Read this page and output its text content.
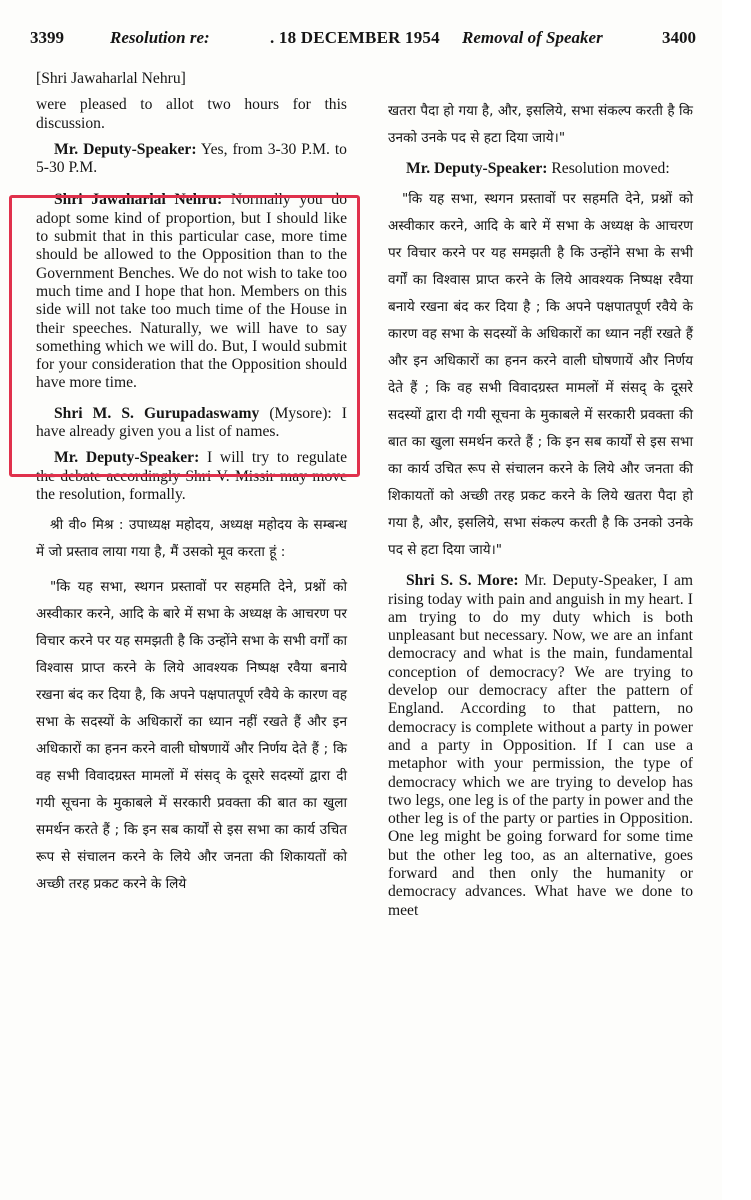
3399	Resolution re:	. 18 DECEMBER 1954 Removal of Speaker	3400

[Shri Jawaharlal Nehru]

were pleased to allot two hours for this discussion.

Mr. Deputy-Speaker: Yes, from 3-30 P.M. to 5-30 P.M.

Shri Jawaharlal Nehru: Normally you do adopt some kind of proportion, but I should like to submit that in this particular case, more time should be allowed to the Opposition than to the Government Benches. We do not wish to take too much time and I hope that hon. Members on this side will not take too much time of the House in their speeches. Naturally, we will have to say something which we will do. But, I would submit for your consideration that the Opposition should have more time.

Shri M. S. Gurupadaswamy (Mysore): I have already given you a list of names.

Mr. Deputy-Speaker: I will try to regulate the debate accordingly Shri V. Missir may move the resolution, formally.

श्री वी० मिश्र : उपाध्यक्ष महोदय, अध्यक्ष महोदय के सम्बन्ध में जो प्रस्ताव लाया गया है, मैं उसको मूव करता हूं :

"कि यह सभा, स्थगन प्रस्तावों पर सहमति देने, प्रश्नों को अस्वीकार करने, आदि के बारे में सभा के अध्यक्ष के आचरण पर विचार करने पर यह समझती है कि उन्होंने सभा के सभी वर्गों का विश्वास प्राप्त करने के लिये आवश्यक निष्पक्ष रवैया बनाये रखना बंद कर दिया है, कि अपने पक्षपातपूर्ण रवैये के कारण वह सभा के सदस्यों के अधिकारों का ध्यान नहीं रखते हैं और इन अधिकारों का हनन करने वाली घोषणायें और निर्णय देते हैं ; कि वह सभी विवादग्रस्त मामलों में संसद् के दूसरे सदस्यों द्वारा दी गयी सूचना के मुकाबले में सरकारी प्रवक्ता की बात का खुला समर्थन करते हैं ; कि इन सब कार्यों से इस सभा का कार्य उचित रूप से संचालन करने के लिये और जनता की शिकायतों को अच्छी तरह प्रकट करने के लिये

खतरा पैदा हो गया है, और, इसलिये, सभा संकल्प करती है कि उनको उनके पद से हटा दिया जाये।"

Mr. Deputy-Speaker: Resolution moved:

"कि यह सभा, स्थगन प्रस्तावों पर सहमति देने, प्रश्नों को अस्वीकार करने, आदि के बारे में सभा के अध्यक्ष के आचरण पर विचार करने पर यह समझती है कि उन्होंने सभा के सभी वर्गों का विश्वास प्राप्त करने के लिये आवश्यक निष्पक्ष रवैया बनाये रखना बंद कर दिया है ; कि अपने पक्षपातपूर्ण रवैये के कारण वह सभा के सदस्यों के अधिकारों का ध्यान नहीं रखते हैं और इन अधिकारों का हनन करने वाली घोषणायें और निर्णय देते हैं ; कि वह सभी विवादग्रस्त मामलों में संसद् के दूसरे सदस्यों द्वारा दी गयी सूचना के मुकाबले में सरकारी प्रवक्ता की बात का खुला समर्थन करते हैं ; कि इन सब कार्यों से इस सभा का कार्य उचित रूप से संचालन करने के लिये और जनता की शिकायतों को अच्छी तरह प्रकट करने के लिये खतरा पैदा हो गया है, और, इसलिये, सभा संकल्प करती है कि उनको उनके पद से हटा दिया जाये।"

Shri S. S. More: Mr. Deputy-Speaker, I am rising today with pain and anguish in my heart. I am trying to do my duty which is both unpleasant but necessary. Now, we are an infant democracy and what is the main, fundamental conception of democracy? We are trying to develop our democracy after the pattern of England. According to that pattern, no democracy is complete without a party in power and a party in Opposition. If I can use a metaphor with your permission, the type of democracy which we are trying to develop has two legs, one leg is of the party in power and the other leg is of the party or parties in Opposition. One leg might be going forward for some time but the other leg too, as an alternative, goes forward and then only the humanity or democracy advances. What have we done to meet
